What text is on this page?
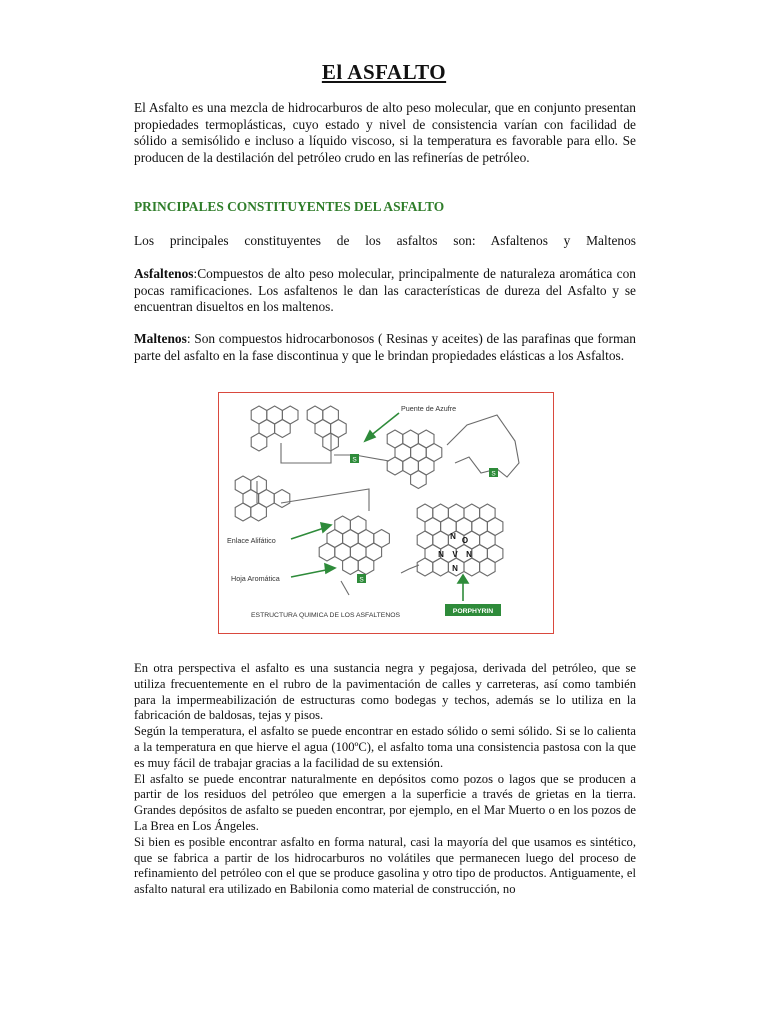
El ASFALTO
El Asfalto es una mezcla de hidrocarburos de alto peso molecular, que en conjunto presentan propiedades termoplásticas, cuyo estado y nivel de consistencia varían con facilidad de sólido a semisólido e incluso a líquido viscoso, si la temperatura es favorable para ello. Se producen de la destilación del petróleo crudo en las refinerías de petróleo.
PRINCIPALES CONSTITUYENTES DEL ASFALTO
Los principales constituyentes de los asfaltos son: Asfaltenos y Maltenos
Asfaltenos:Compuestos de alto peso molecular, principalmente de naturaleza aromática con pocas ramificaciones. Los asfaltenos le dan las características de dureza del Asfalto y se encuentran disueltos en los maltenos.
Maltenos: Son compuestos hidrocarbonosos ( Resinas y aceites) de las parafinas que forman parte del asfalto en la fase discontinua y que le brindan propiedades elásticas a los Asfaltos.
S
S
S
N O
N V N
N
Puente de Azufre
Enlace Alifático
Hoja Aromática
ESTRUCTURA QUIMICA DE LOS ASFALTENOS
PORPHYRIN

En otra perspectiva el asfalto es una sustancia negra y pegajosa, derivada del petróleo, que se utiliza frecuentemente en el rubro de la pavimentación de calles y carreteras, así como también para la impermeabilización de estructuras como bodegas y techos, además se lo utiliza en la fabricación de baldosas, tejas y pisos.

Según la temperatura, el asfalto se puede encontrar en estado sólido o semi sólido. Si se lo calienta a la temperatura en que hierve el agua (100ºC), el asfalto toma una consistencia pastosa con la que es muy fácil de trabajar gracias a la facilidad de su extensión.

El asfalto se puede encontrar naturalmente en depósitos como pozos o lagos que se producen a partir de los residuos del petróleo que emergen a la superficie a través de grietas en la tierra. Grandes depósitos de asfalto se pueden encontrar, por ejemplo, en el Mar Muerto o en los pozos de La Brea en Los Ángeles.

Si bien es posible encontrar asfalto en forma natural, casi la mayoría del que usamos es sintético, que se fabrica a partir de los hidrocarburos no volátiles que permanecen luego del proceso de refinamiento del petróleo con el que se produce gasolina y otro tipo de productos. Antiguamente, el asfalto natural era utilizado en Babilonia como material de construcción, no
